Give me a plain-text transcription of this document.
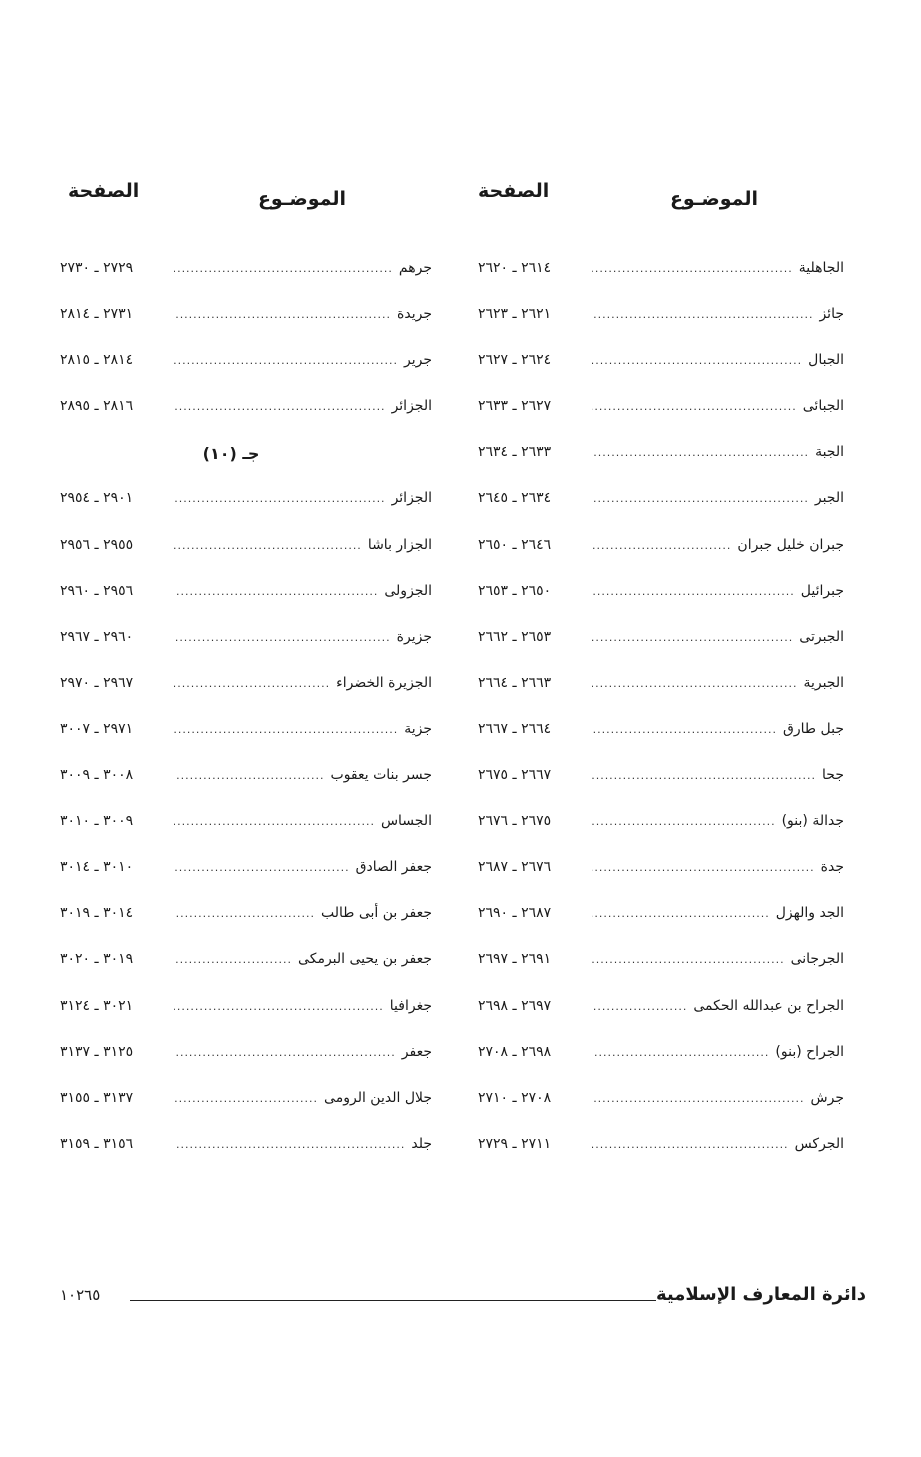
الموضـوع
الصفحة
الجاهلية
.....
٢٦١٤ ـ ٢٦٢٠
جائز
.....
٢٦٢١ ـ ٢٦٢٣
الجبال
.....
٢٦٢٤ ـ ٢٦٢٧
الجبائى
.....
٢٦٢٧ ـ ٢٦٣٣
الجبة
.....
٢٦٣٣ ـ ٢٦٣٤
الجبر
.....
٢٦٣٤ ـ ٢٦٤٥
جبران خليل جبران
.....
٢٦٤٦ ـ ٢٦٥٠
جبرائيل
.....
٢٦٥٠ ـ ٢٦٥٣
الجبرتى
.....
٢٦٥٣ ـ ٢٦٦٢
الجبرية
.....
٢٦٦٣ ـ ٢٦٦٤
جبل طارق
.....
٢٦٦٤ ـ ٢٦٦٧
جحا
.....
٢٦٦٧ ـ ٢٦٧٥
جدالة (بنو)
.....
٢٦٧٥ ـ ٢٦٧٦
جدة
.....
٢٦٧٦ ـ ٢٦٨٧
الجد والهزل
.....
٢٦٨٧ ـ ٢٦٩٠
الجرجانى
.....
٢٦٩١ ـ ٢٦٩٧
الجراح بن عبدالله الحكمى
.....
٢٦٩٧ ـ ٢٦٩٨
الجراح (بنو)
.....
٢٦٩٨ ـ ٢٧٠٨
جرش
.....
٢٧٠٨ ـ ٢٧١٠
الجركس
.....
٢٧١١ ـ ٢٧٢٩
الموضـوع
الصفحة
جرهم
.....
٢٧٢٩ ـ ٢٧٣٠
جريدة
.....
٢٧٣١ ـ ٢٨١٤
جرير
.....
٢٨١٤ ـ ٢٨١٥
الجزائر
.....
٢٨١٦ ـ ٢٨٩٥
جـ (١٠)
الجزائر
.....
٢٩٠١ ـ ٢٩٥٤
الجزار باشا
.....
٢٩٥٥ ـ ٢٩٥٦
الجزولى
.....
٢٩٥٦ ـ ٢٩٦٠
جزيرة
.....
٢٩٦٠ ـ ٢٩٦٧
الجزيرة الخضراء
.....
٢٩٦٧ ـ ٢٩٧٠
جزية
.....
٢٩٧١ ـ ٣٠٠٧
جسر بنات يعقوب
.....
٣٠٠٨ ـ ٣٠٠٩
الجساس
.....
٣٠٠٩ ـ ٣٠١٠
جعفر الصادق
.....
٣٠١٠ ـ ٣٠١٤
جعفر بن أبى طالب
.....
٣٠١٤ ـ ٣٠١٩
جعفر بن يحيى البرمكى
.....
٣٠١٩ ـ ٣٠٢٠
جغرافيا
.....
٣٠٢١ ـ ٣١٢٤
جعفر
.....
٣١٢٥ ـ ٣١٣٧
جلال الدين الرومى
.....
٣١٣٧ ـ ٣١٥٥
جلد
.....
٣١٥٦ ـ ٣١٥٩
دائرة المعارف الإسلامية
١٠٢٦٥
